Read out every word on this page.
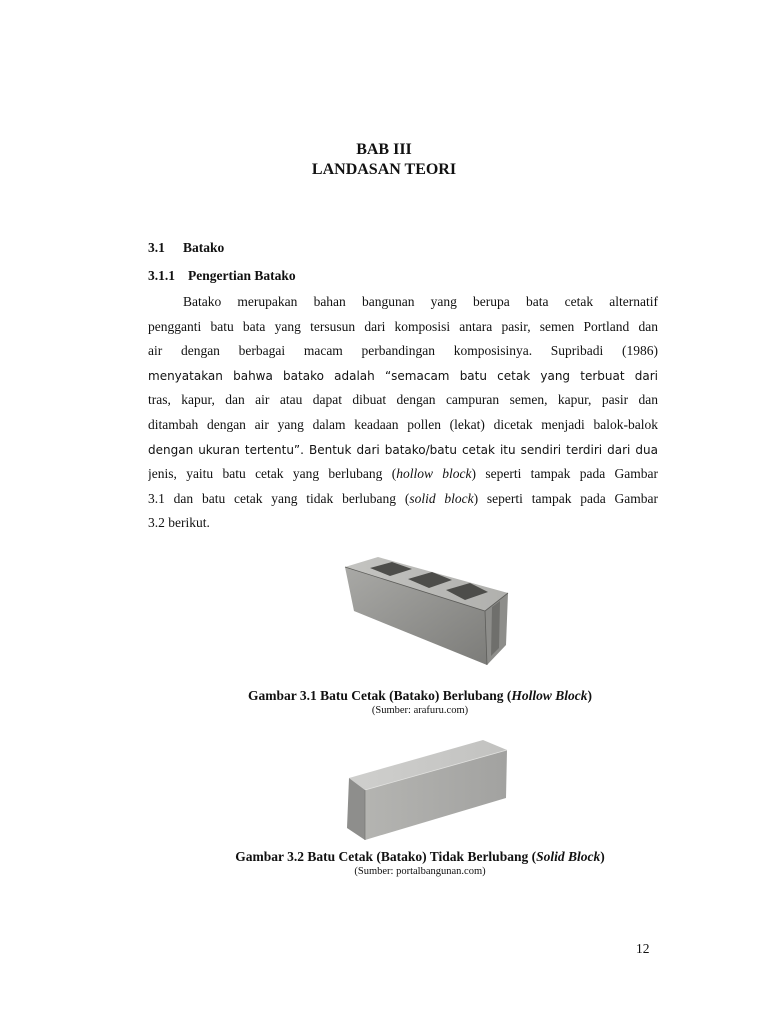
BAB III
LANDASAN TEORI
3.1 Batako
3.1.1 Pengertian Batako
Batako merupakan bahan bangunan yang berupa bata cetak alternatif
pengganti batu bata yang tersusun dari komposisi antara pasir, semen Portland dan
air dengan berbagai macam perbandingan komposisinya. Supribadi (1986)
menyatakan bahwa batako adalah “semacam batu cetak yang terbuat dari
tras, kapur, dan air atau dapat dibuat dengan campuran semen, kapur, pasir dan
ditambah dengan air yang dalam keadaan pollen (lekat) dicetak menjadi balok-balok
dengan ukuran tertentu”. Bentuk dari batako/batu cetak itu sendiri terdiri dari dua
jenis, yaitu batu cetak yang berlubang (hollow block) seperti tampak pada Gambar
3.1 dan batu cetak yang tidak berlubang (solid block) seperti tampak pada Gambar
3.2 berikut.
Gambar 3.1 Batu Cetak (Batako) Berlubang (Hollow Block)
(Sumber: arafuru.com)
Gambar 3.2 Batu Cetak (Batako) Tidak Berlubang (Solid Block)
(Sumber: portalbangunan.com)
12
